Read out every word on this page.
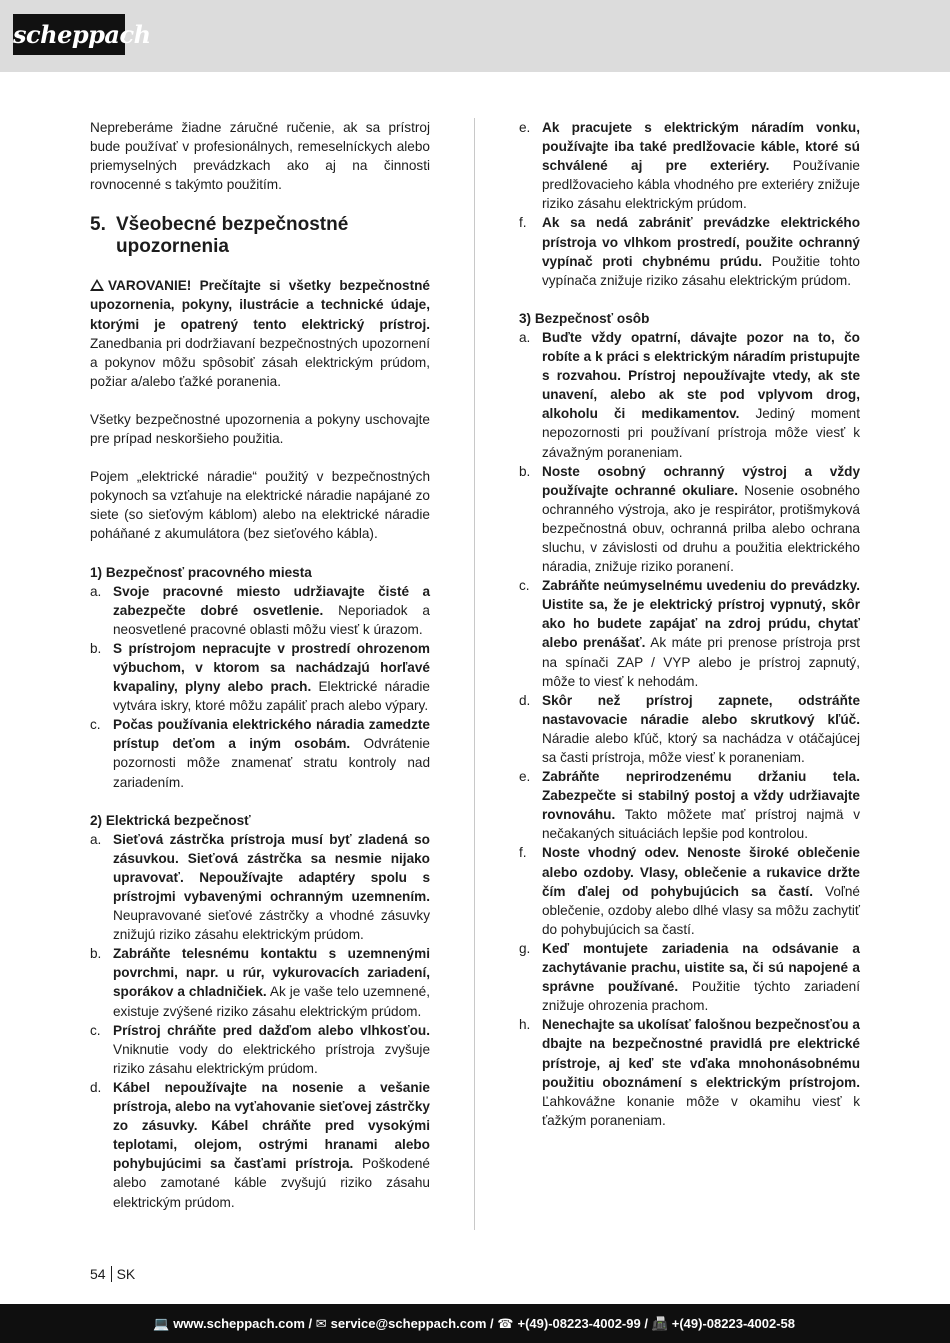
scheppach

Nepreberáme žiadne záručné ručenie, ak sa prístroj bude používať v profesionálnych, remeselníckych alebo priemyselných prevádzkach ako aj na činnosti rovnocenné s takýmto použitím.

5. Všeobecné bezpečnostné upozornenia

VAROVANIE! Prečítajte si všetky bezpečnostné upozornenia, pokyny, ilustrácie a technické údaje, ktorými je opatrený tento elektrický prístroj. Zanedbania pri dodržiavaní bezpečnostných upozornení a pokynov môžu spôsobiť zásah elektrickým prúdom, požiar a/alebo ťažké poranenia.

Všetky bezpečnostné upozornenia a pokyny uschovajte pre prípad neskoršieho použitia.

Pojem „elektrické náradie“ použitý v bezpečnostných pokynoch sa vzťahuje na elektrické náradie napájané zo siete (so sieťovým káblom) alebo na elektrické náradie poháňané z akumulátora (bez sieťového kábla).

1) Bezpečnosť pracovného miesta
a. Svoje pracovné miesto udržiavajte čisté a zabezpečte dobré osvetlenie. Neporiadok a neosvetlené pracovné oblasti môžu viesť k úrazom.
b. S prístrojom nepracujte v prostredí ohrozenom výbuchom, v ktorom sa nachádzajú horľavé kvapaliny, plyny alebo prach. Elektrické náradie vytvára iskry, ktoré môžu zapáliť prach alebo výpary.
c. Počas používania elektrického náradia zamedzte prístup deťom a iným osobám. Odvrátenie pozornosti môže znamenať stratu kontroly nad zariadením.
2) Elektrická bezpečnosť
a. Sieťová zástrčka prístroja musí byť zladená so zásuvkou. Sieťová zástrčka sa nesmie nijako upravovať. Nepoužívajte adaptéry spolu s prístrojmi vybavenými ochranným uzemnením. Neupravované sieťové zástrčky a vhodné zásuvky znižujú riziko zásahu elektrickým prúdom.
b. Zabráňte telesnému kontaktu s uzemnenými povrchmi, napr. u rúr, vykurovacích zariadení, sporákov a chladničiek. Ak je vaše telo uzemnené, existuje zvýšené riziko zásahu elektrickým prúdom.
c. Prístroj chráňte pred dažďom alebo vlhkosťou. Vniknutie vody do elektrického prístroja zvyšuje riziko zásahu elektrickým prúdom.
d. Kábel nepoužívajte na nosenie a vešanie prístroja, alebo na vyťahovanie sieťovej zástrčky zo zásuvky. Kábel chráňte pred vysokými teplotami, olejom, ostrými hranami alebo pohybujúcimi sa časťami prístroja. Poškodené alebo zamotané káble zvyšujú riziko zásahu elektrickým prúdom.
e. Ak pracujete s elektrickým náradím vonku, používajte iba také predlžovacie káble, ktoré sú schválené aj pre exteriéry. Používanie predlžovacieho kábla vhodného pre exteriéry znižuje riziko zásahu elektrickým prúdom.
f. Ak sa nedá zabrániť prevádzke elektrického prístroja vo vlhkom prostredí, použite ochranný vypínač proti chybnému prúdu. Použitie tohto vypínača znižuje riziko zásahu elektrickým prúdom.
3) Bezpečnosť osôb
a. Buďte vždy opatrní, dávajte pozor na to, čo robíte a k práci s elektrickým náradím pristupujte s rozvahou. Prístroj nepoužívajte vtedy, ak ste unavení, alebo ak ste pod vplyvom drog, alkoholu či medikamentov. Jediný moment nepozornosti pri používaní prístroja môže viesť k závažným poraneniam.
b. Noste osobný ochranný výstroj a vždy používajte ochranné okuliare. Nosenie osobného ochranného výstroja, ako je respirátor, protišmyková bezpečnostná obuv, ochranná prilba alebo ochrana sluchu, v závislosti od druhu a použitia elektrického náradia, znižuje riziko poranení.
c. Zabráňte neúmyselnému uvedeniu do prevádzky. Uistite sa, že je elektrický prístroj vypnutý, skôr ako ho budete zapájať na zdroj prúdu, chytať alebo prenášať. Ak máte pri prenose prístroja prst na spínači ZAP / VYP alebo je prístroj zapnutý, môže to viesť k nehodám.
d. Skôr než prístroj zapnete, odstráňte nastavovacie náradie alebo skrutkový kľúč. Náradie alebo kľúč, ktorý sa nachádza v otáčajúcej sa časti prístroja, môže viesť k poraneniam.
e. Zabráňte neprirodzenému držaniu tela. Zabezpečte si stabilný postoj a vždy udržiavajte rovnováhu. Takto môžete mať prístroj najmä v nečakaných situáciách lepšie pod kontrolou.
f. Noste vhodný odev. Nenoste široké oblečenie alebo ozdoby. Vlasy, oblečenie a rukavice držte čím ďalej od pohybujúcich sa častí. Voľné oblečenie, ozdoby alebo dlhé vlasy sa môžu zachytiť do pohybujúcich sa častí.
g. Keď montujete zariadenia na odsávanie a zachytávanie prachu, uistite sa, či sú napojené a správne používané. Použitie týchto zariadení znižuje ohrozenia prachom.
h. Nenechajte sa ukolísať falošnou bezpečnosťou a dbajte na bezpečnostné pravidlá pre elektrické prístroje, aj keď ste vďaka mnohonásobnému použitiu oboznámení s elektrickým prístrojom. Ľahkovážne konanie môže v okamihu viesť k ťažkým poraneniam.
54 SK
💻 www.scheppach.com / ✉ service@scheppach.com / ☎ +(49)-08223-4002-99 / 📠 +(49)-08223-4002-58
